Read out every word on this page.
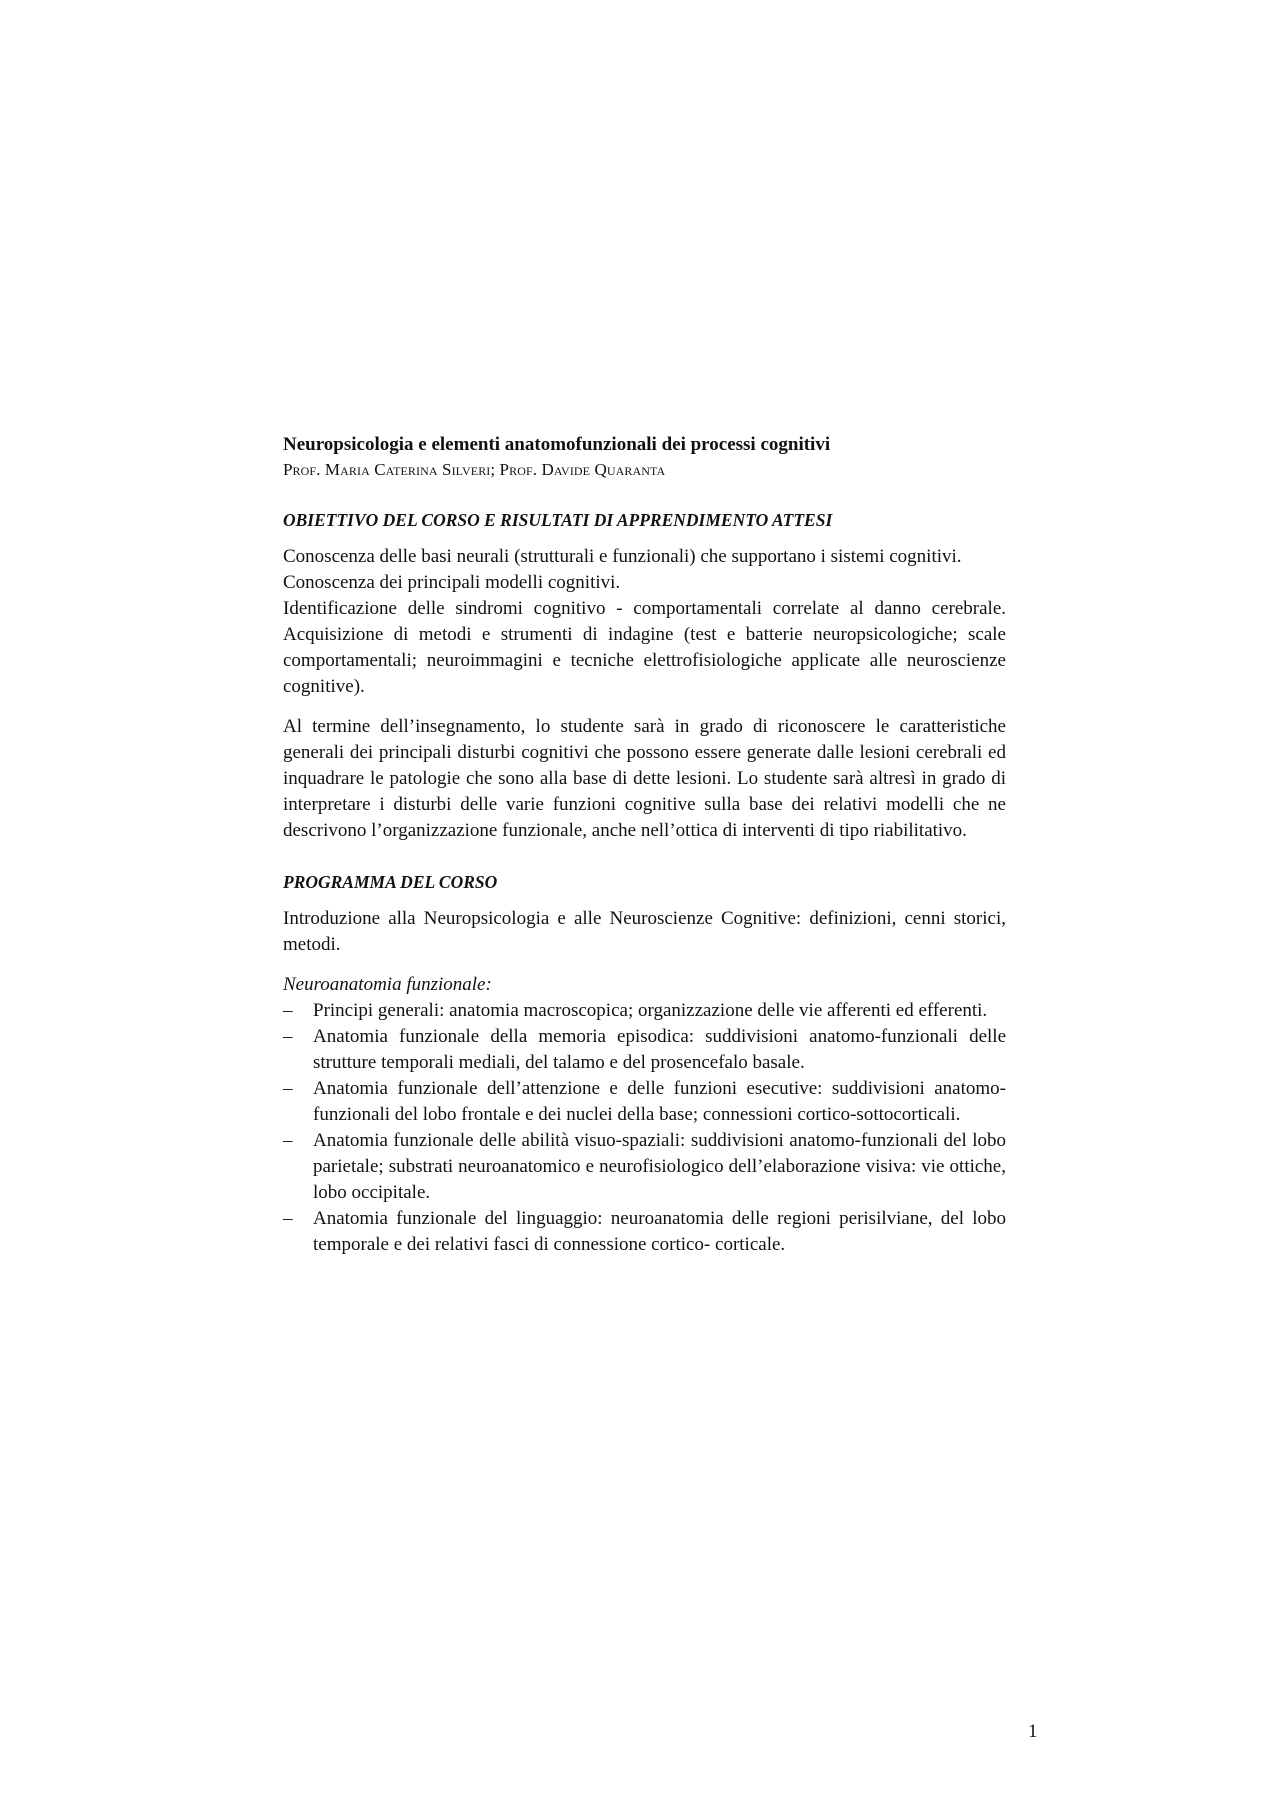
Neuropsicologia e elementi anatomofunzionali dei processi cognitivi

Prof. Maria Caterina Silveri; Prof. Davide Quaranta

OBIETTIVO DEL CORSO E RISULTATI DI APPRENDIMENTO ATTESI

Conoscenza delle basi neurali (strutturali e funzionali) che supportano i sistemi cognitivi.

Conoscenza dei principali modelli cognitivi.

Identificazione delle sindromi cognitivo - comportamentali correlate al danno cerebrale. Acquisizione di metodi e strumenti di indagine (test e batterie neuropsicologiche; scale comportamentali; neuroimmagini e tecniche elettrofisiologiche applicate alle neuroscienze cognitive).

Al termine dell’insegnamento, lo studente sarà in grado di riconoscere le caratteristiche generali dei principali disturbi cognitivi che possono essere generate dalle lesioni cerebrali ed inquadrare le patologie che sono alla base di dette lesioni. Lo studente sarà altresì in grado di interpretare i disturbi delle varie funzioni cognitive sulla base dei relativi modelli che ne descrivono l’organizzazione funzionale, anche nell’ottica di interventi di tipo riabilitativo.

PROGRAMMA DEL CORSO

Introduzione alla Neuropsicologia e alle Neuroscienze Cognitive: definizioni, cenni storici, metodi.

Neuroanatomia funzionale:

– Principi generali: anatomia macroscopica; organizzazione delle vie afferenti ed efferenti.
– Anatomia funzionale della memoria episodica: suddivisioni anatomo-funzionali delle strutture temporali mediali, del talamo e del prosencefalo basale.
– Anatomia funzionale dell’attenzione e delle funzioni esecutive: suddivisioni anatomo-funzionali del lobo frontale e dei nuclei della base; connessioni cortico-sottocorticali.
– Anatomia funzionale delle abilità visuo-spaziali: suddivisioni anatomo-funzionali del lobo parietale; substrati neuroanatomico e neurofisiologico dell’elaborazione visiva: vie ottiche, lobo occipitale.
– Anatomia funzionale del linguaggio: neuroanatomia delle regioni perisilviane, del lobo temporale e dei relativi fasci di connessione cortico- corticale.
1
